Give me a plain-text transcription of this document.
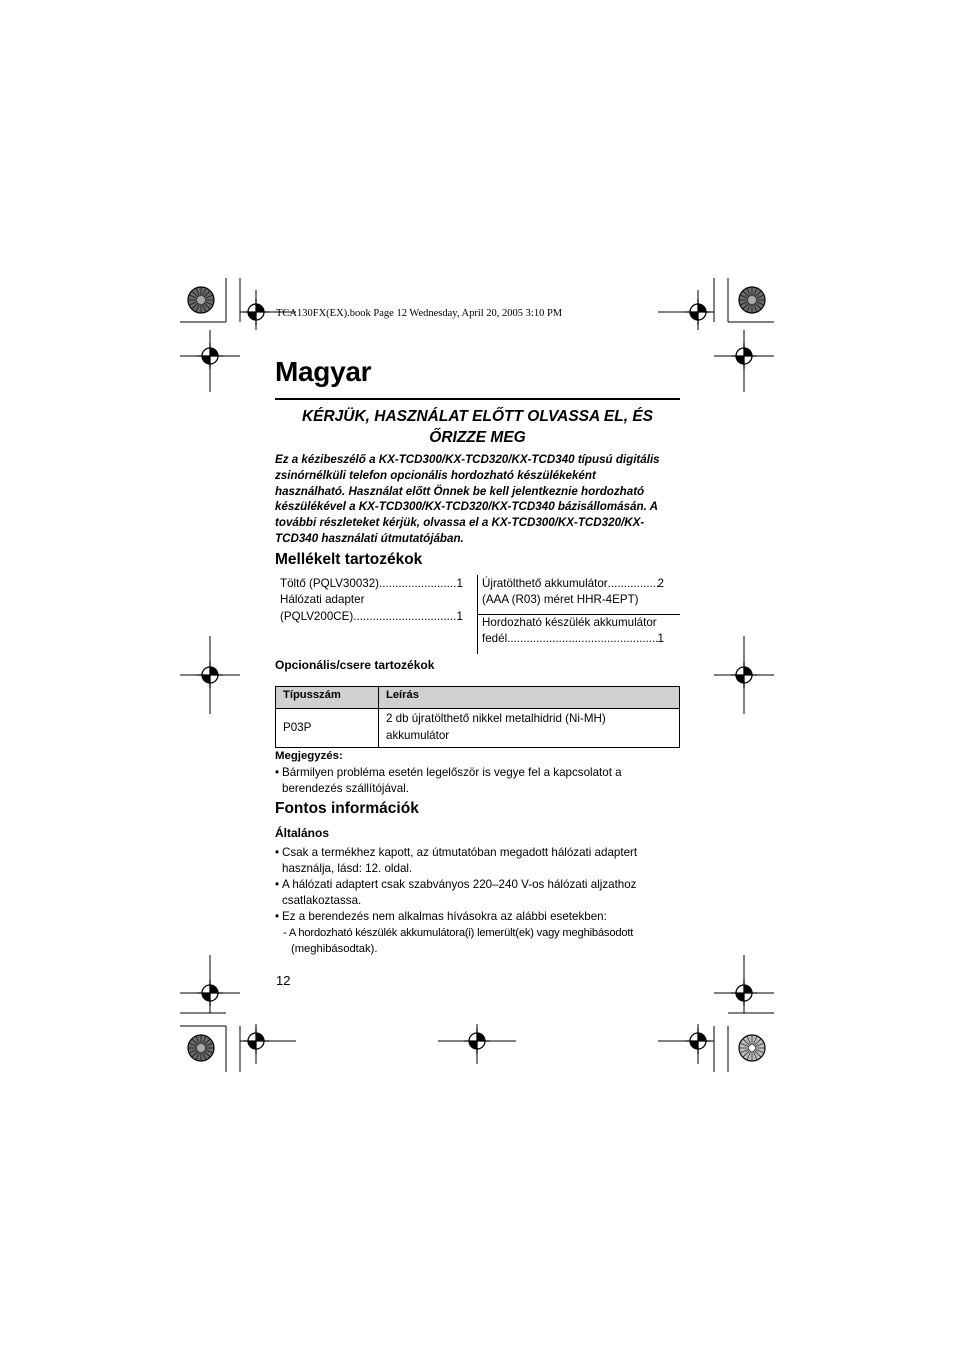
TCA130FX(EX).book Page 12 Wednesday, April 20, 2005 3:10 PM
Magyar
KÉRJÜK, HASZNÁLAT ELŐTT OLVASSA EL, ÉS
ŐRIZZE MEG
Ez a kézibeszélő a KX-TCD300/KX-TCD320/KX-TCD340 típusú digitális
zsinórnélküli telefon opcionális hordozható készülékeként
használható. Használat előtt Önnek be kell jelentkeznie hordozható
készülékével a KX-TCD300/KX-TCD320/KX-TCD340 bázisállomásán. A
további részleteket kérjük, olvassa el a KX-TCD300/KX-TCD320/KX-
TCD340 használati útmutatójában.
Mellékelt tartozékok
Töltő (PQLV30032) .....	1
Hálózati adapter
(PQLV200CE) .....	1
Újratölthető akkumulátor .....	2
(AAA (R03) méret HHR-4EPT)
Hordozható készülék akkumulátor
fedél .....	1
Opcionális/csere tartozékok
Típusszám	Leírás
P03P	2 db újratölthető nikkel metalhidrid (Ni-MH)
akkumulátor
Megjegyzés:
• Bármilyen probléma esetén legelőször is vegye fel a kapcsolatot a
berendezés szállítójával.
Fontos információk
Általános
• Csak a termékhez kapott, az útmutatóban megadott hálózati adaptert
használja, lásd: 12. oldal.
• A hálózati adaptert csak szabványos 220–240 V-os hálózati aljzathoz
csatlakoztassa.
• Ez a berendezés nem alkalmas hívásokra az alábbi esetekben:
- A hordozható készülék akkumulátora(i) lemerült(ek) vagy meghibásodott
(meghibásodtak).
12
